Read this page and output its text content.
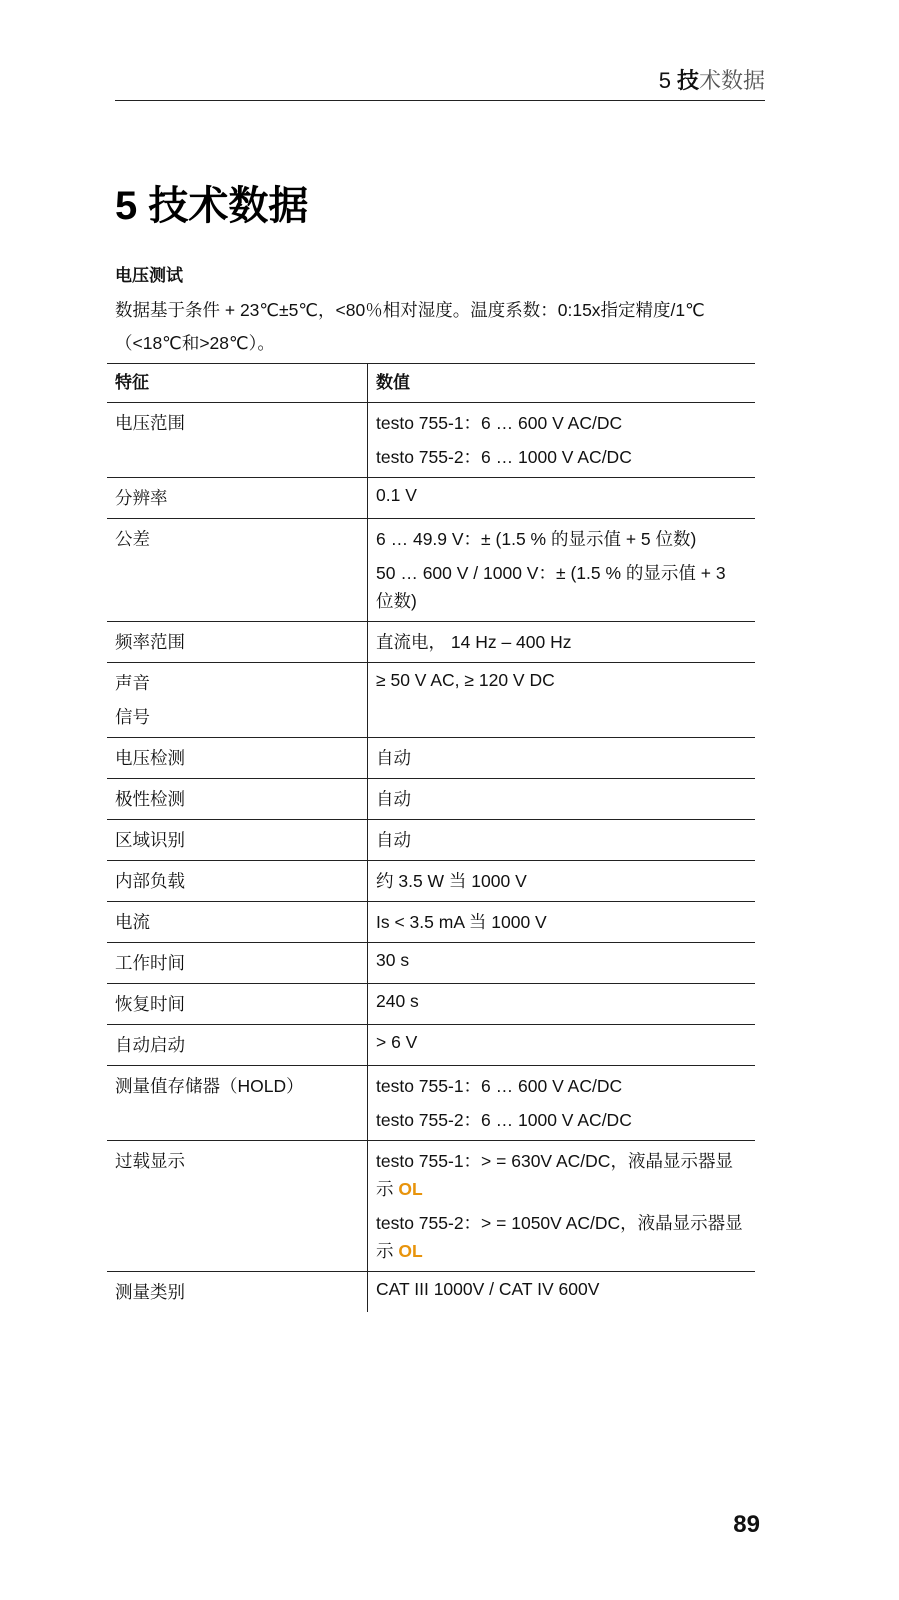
5 技术数据
5 技术数据
电压测试

数据基于条件 + 23℃±5℃，<80％相对湿度。温度系数：0:15x指定精度/1℃（<18℃和>28℃）。

特征	数值

电压范围	testo 755-1：6 … 600 V AC/DC
testo 755-2：6 … 1000 V AC/DC

分辨率	0.1 V

公差	6 … 49.9 V：± (1.5 % 的显示值 + 5 位数)
50 … 600 V / 1000 V：± (1.5 % 的显示值 + 3 位数)

频率范围	直流电， 14 Hz – 400 Hz

声音
信号	≥ 50 V AC, ≥ 120 V DC

电压检测	自动

极性检测	自动

区域识别	自动

内部负载	约 3.5 W 当 1000 V

电流	Is < 3.5 mA 当 1000 V

工作时间	30 s

恢复时间	240 s

自动启动	> 6 V

测量值存储器（HOLD）	testo 755-1：6 … 600 V AC/DC
testo 755-2：6 … 1000 V AC/DC

过载显示	testo 755-1：> = 630V AC/DC，液晶显示器显示 OL
testo 755-2：> = 1050V AC/DC，液晶显示器显示 OL

测量类别	CAT III 1000V / CAT IV 600V
89
